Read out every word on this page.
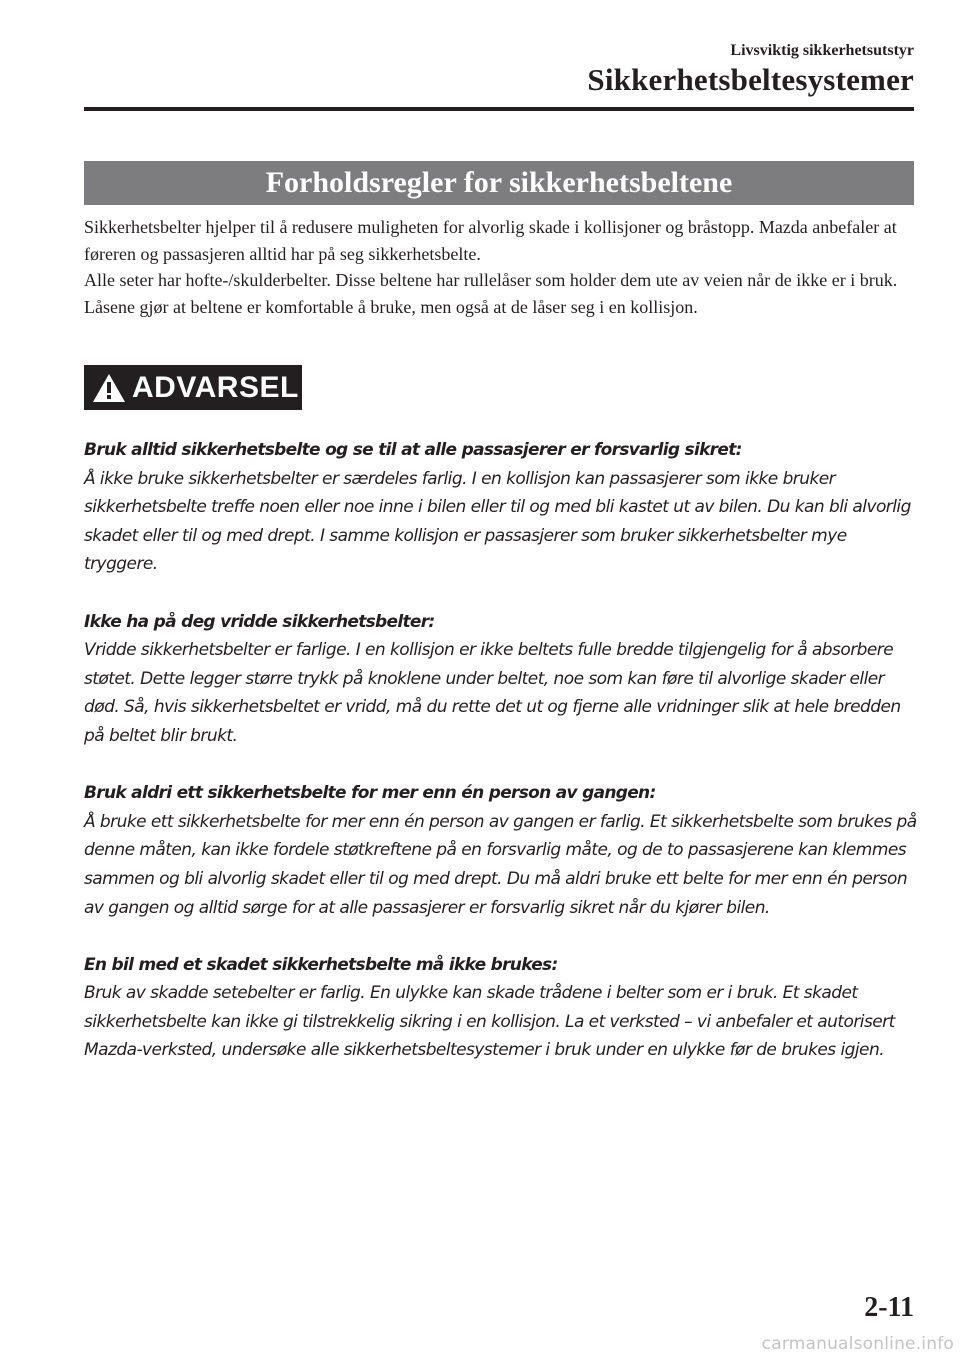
Livsviktig sikkerhetsutstyr
Sikkerhetsbeltesystemer
Forholdsregler for sikkerhetsbeltene

Sikkerhetsbelter hjelper til å redusere muligheten for alvorlig skade i kollisjoner og bråstopp. Mazda anbefaler at føreren og passasjeren alltid har på seg sikkerhetsbelte.

Alle seter har hofte-/skulderbelter. Disse beltene har rullelåser som holder dem ute av veien når de ikke er i bruk. Låsene gjør at beltene er komfortable å bruke, men også at de låser seg i en kollisjon.

ADVARSEL
Bruk alltid sikkerhetsbelte og se til at alle passasjerer er forsvarlig sikret:
Å ikke bruke sikkerhetsbelter er særdeles farlig. I en kollisjon kan passasjerer som ikke bruker sikkerhetsbelte treffe noen eller noe inne i bilen eller til og med bli kastet ut av bilen. Du kan bli alvorlig skadet eller til og med drept. I samme kollisjon er passasjerer som bruker sikkerhetsbelter mye tryggere.
Ikke ha på deg vridde sikkerhetsbelter:
Vridde sikkerhetsbelter er farlige. I en kollisjon er ikke beltets fulle bredde tilgjengelig for å absorbere støtet. Dette legger større trykk på knoklene under beltet, noe som kan føre til alvorlige skader eller død. Så, hvis sikkerhetsbeltet er vridd, må du rette det ut og fjerne alle vridninger slik at hele bredden på beltet blir brukt.
Bruk aldri ett sikkerhetsbelte for mer enn én person av gangen:
Å bruke ett sikkerhetsbelte for mer enn én person av gangen er farlig. Et sikkerhetsbelte som brukes på denne måten, kan ikke fordele støtkreftene på en forsvarlig måte, og de to passasjerene kan klemmes sammen og bli alvorlig skadet eller til og med drept. Du må aldri bruke ett belte for mer enn én person av gangen og alltid sørge for at alle passasjerer er forsvarlig sikret når du kjører bilen.
En bil med et skadet sikkerhetsbelte må ikke brukes:
Bruk av skadde setebelter er farlig. En ulykke kan skade trådene i belter som er i bruk. Et skadet sikkerhetsbelte kan ikke gi tilstrekkelig sikring i en kollisjon. La et verksted – vi anbefaler et autorisert Mazda-verksted, undersøke alle sikkerhetsbeltesystemer i bruk under en ulykke før de brukes igjen.
2-11
carmanualsonline.info
